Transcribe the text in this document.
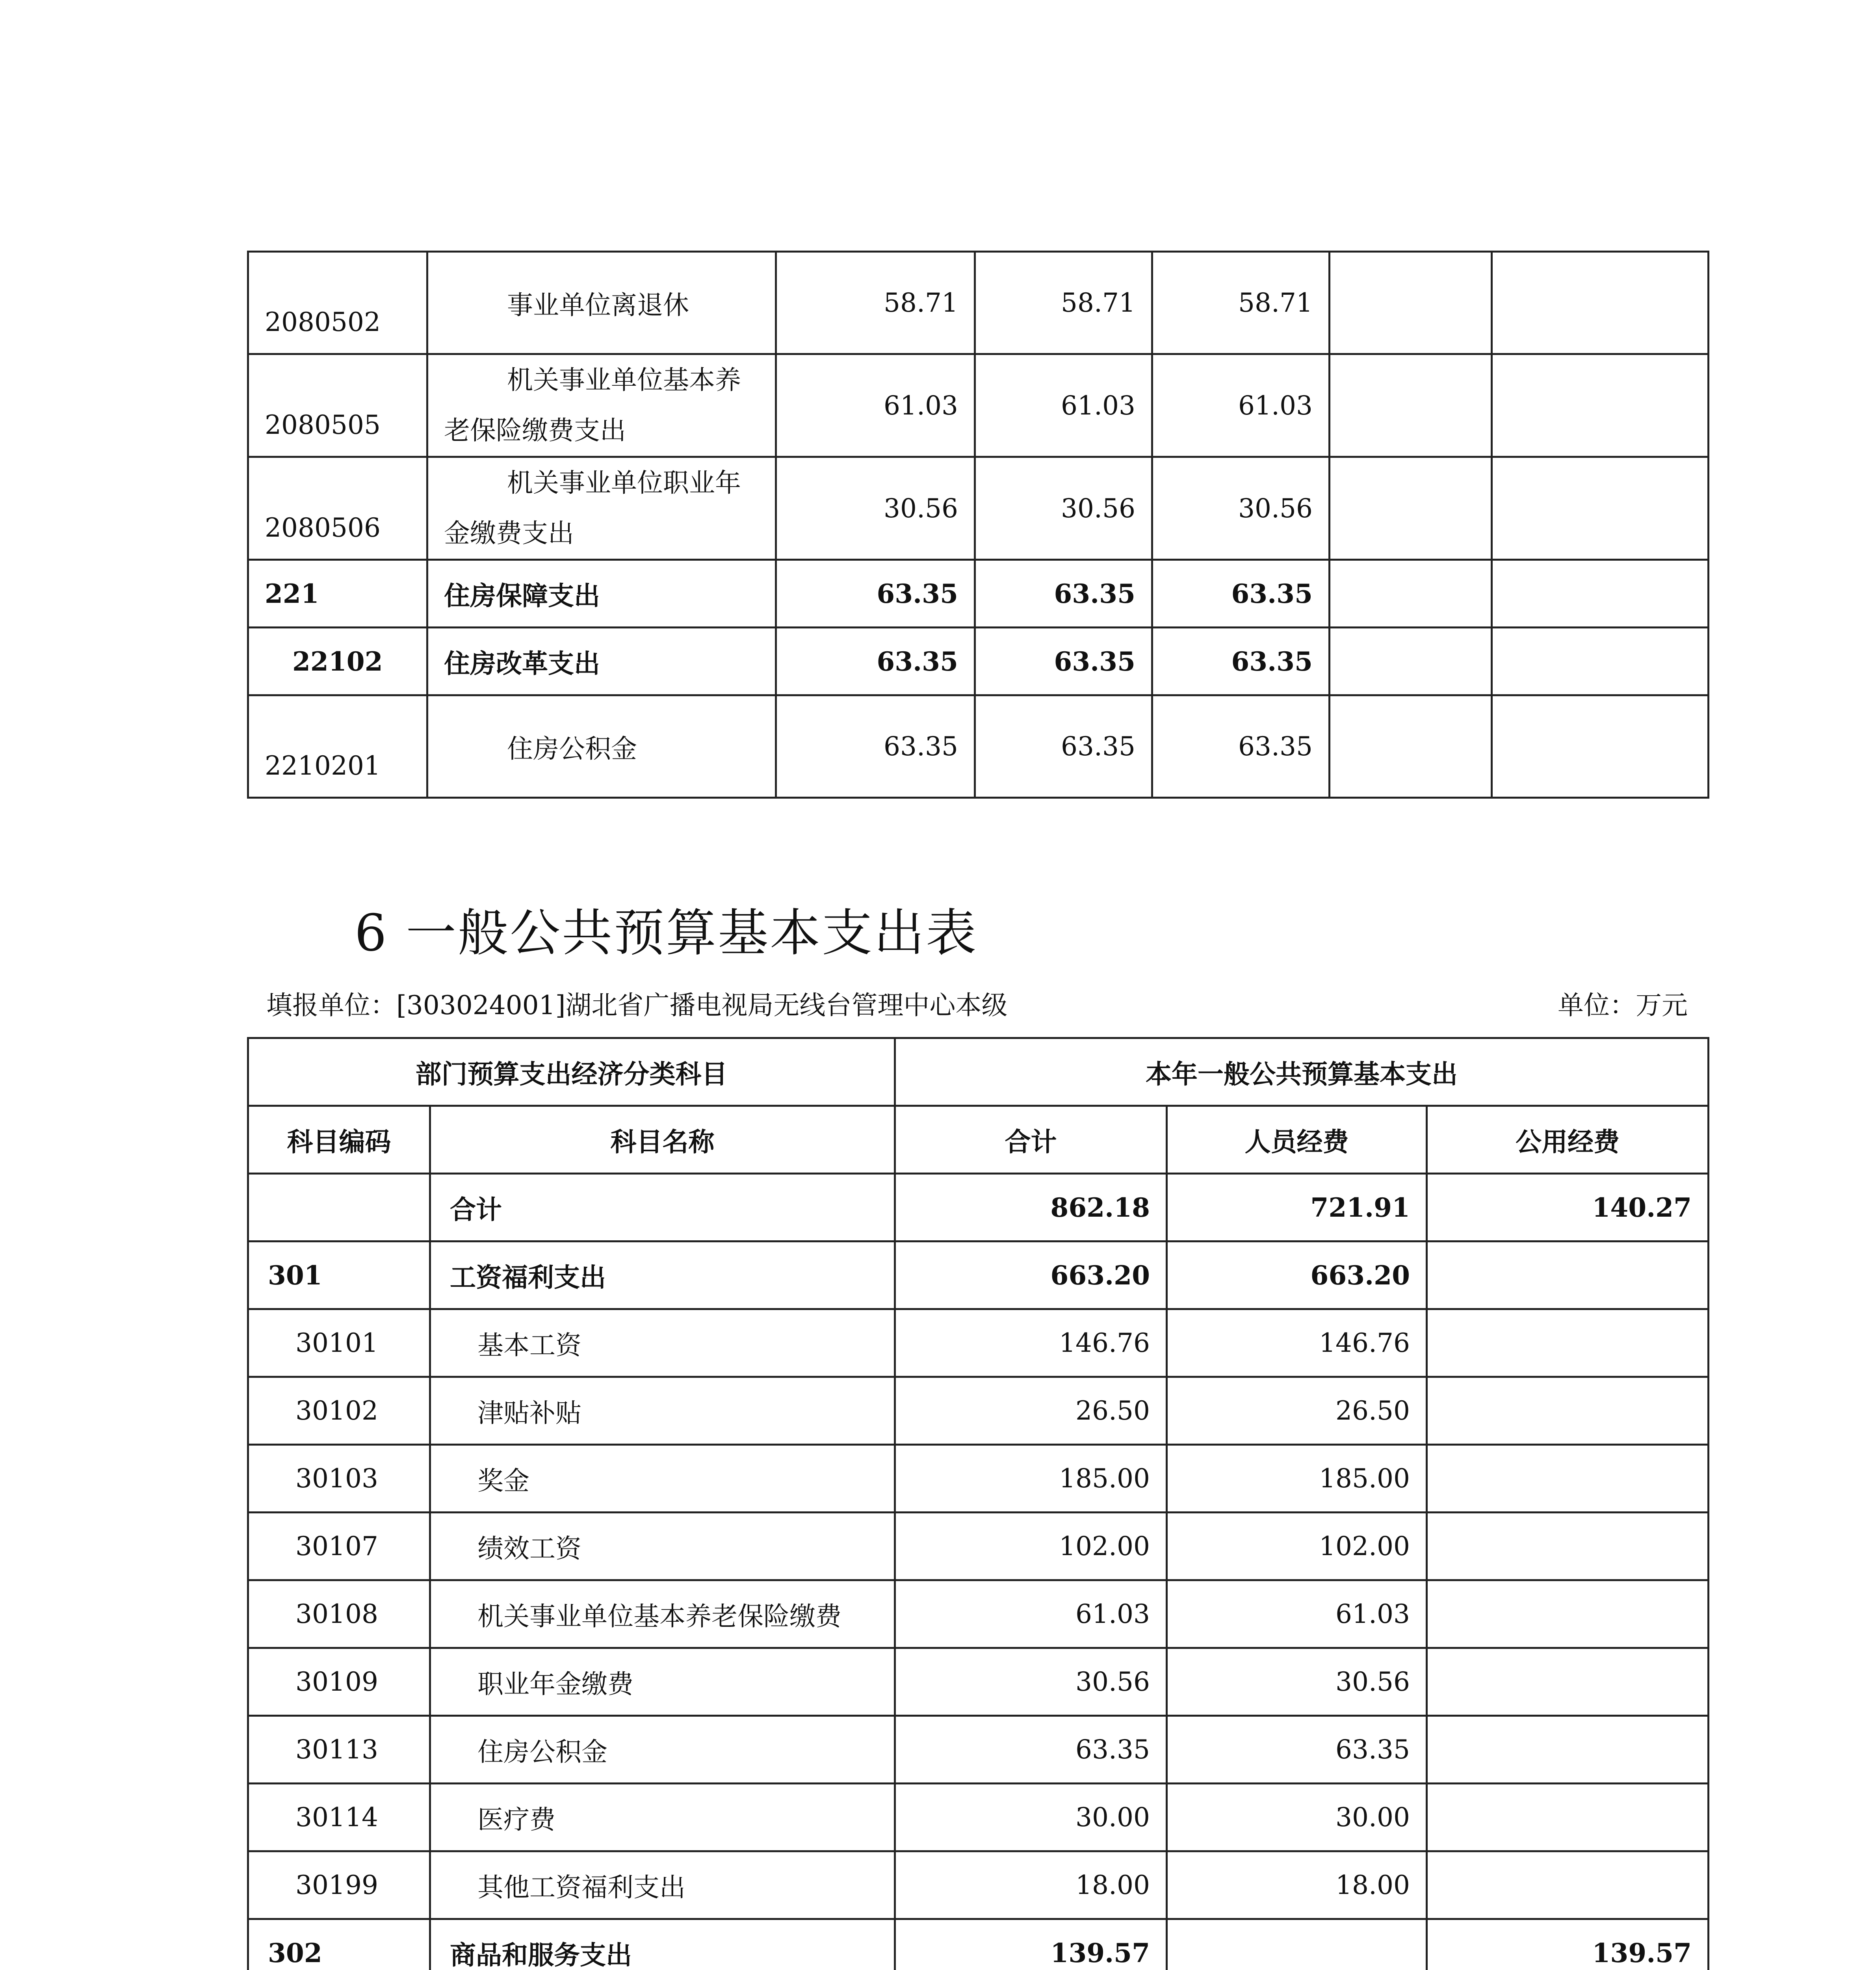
2080502	事业单位离退休	58.71	58.71	58.71		
2080505	机关事业单位基本养老保险缴费支出	61.03	61.03	61.03		
2080506	机关事业单位职业年金缴费支出	30.56	30.56	30.56		
221	住房保障支出	63.35	63.35	63.35		
22102	住房改革支出	63.35	63.35	63.35		
2210201	住房公积金	63.35	63.35	63.35		
6 一般公共预算基本支出表
填报单位：[303024001]湖北省广播电视局无线台管理中心本级	单位：万元
部门预算支出经济分类科目		本年一般公共预算基本支出		
科目编码	科目名称	合计	人员经费	公用经费
	合计	862.18	721.91	140.27
301	工资福利支出	663.20	663.20	
30101	基本工资	146.76	146.76	
30102	津贴补贴	26.50	26.50	
30103	奖金	185.00	185.00	
30107	绩效工资	102.00	102.00	
30108	机关事业单位基本养老保险缴费	61.03	61.03	
30109	职业年金缴费	30.56	30.56	
30113	住房公积金	63.35	63.35	
30114	医疗费	30.00	30.00	
30199	其他工资福利支出	18.00	18.00	
302	商品和服务支出	139.57		139.57
